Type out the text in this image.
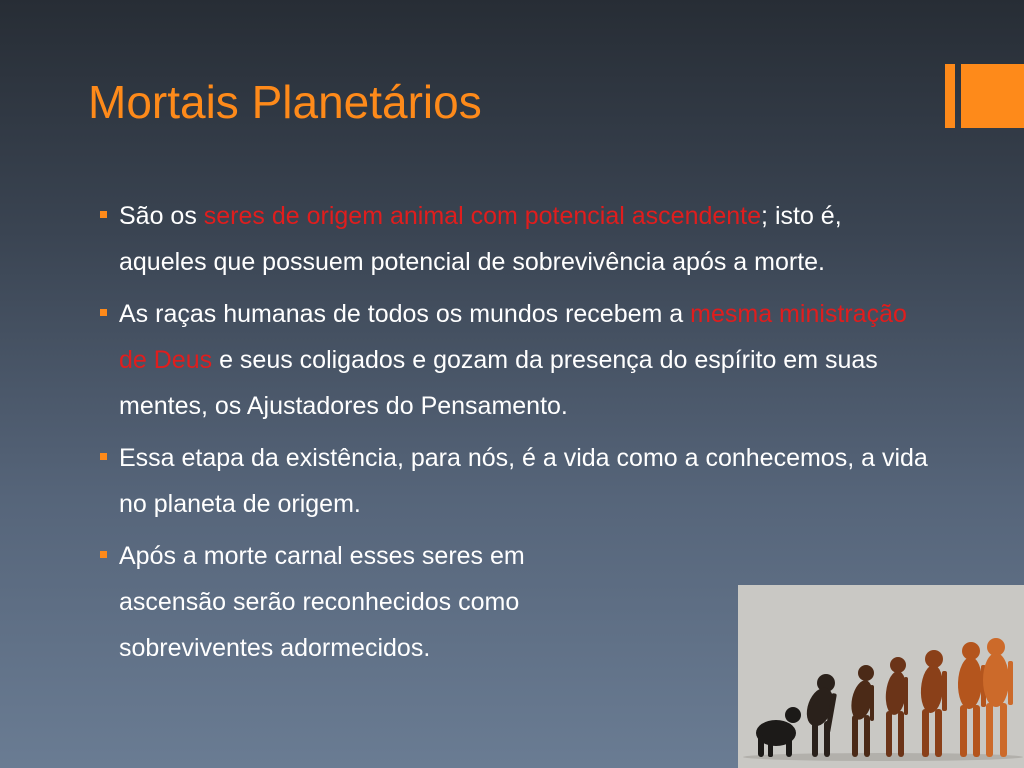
Mortais Planetários
São os seres de origem animal com potencial ascendente; isto é, aqueles que possuem potencial de sobrevivência após a morte.
As raças humanas de todos os mundos recebem a mesma ministração de Deus e seus coligados e gozam da presença do espírito em suas mentes, os Ajustadores do Pensamento.
Essa etapa da existência, para nós, é a vida como a conhecemos, a vida no planeta de origem.
Após a morte carnal esses seres em ascensão serão reconhecidos como sobreviventes adormecidos.
